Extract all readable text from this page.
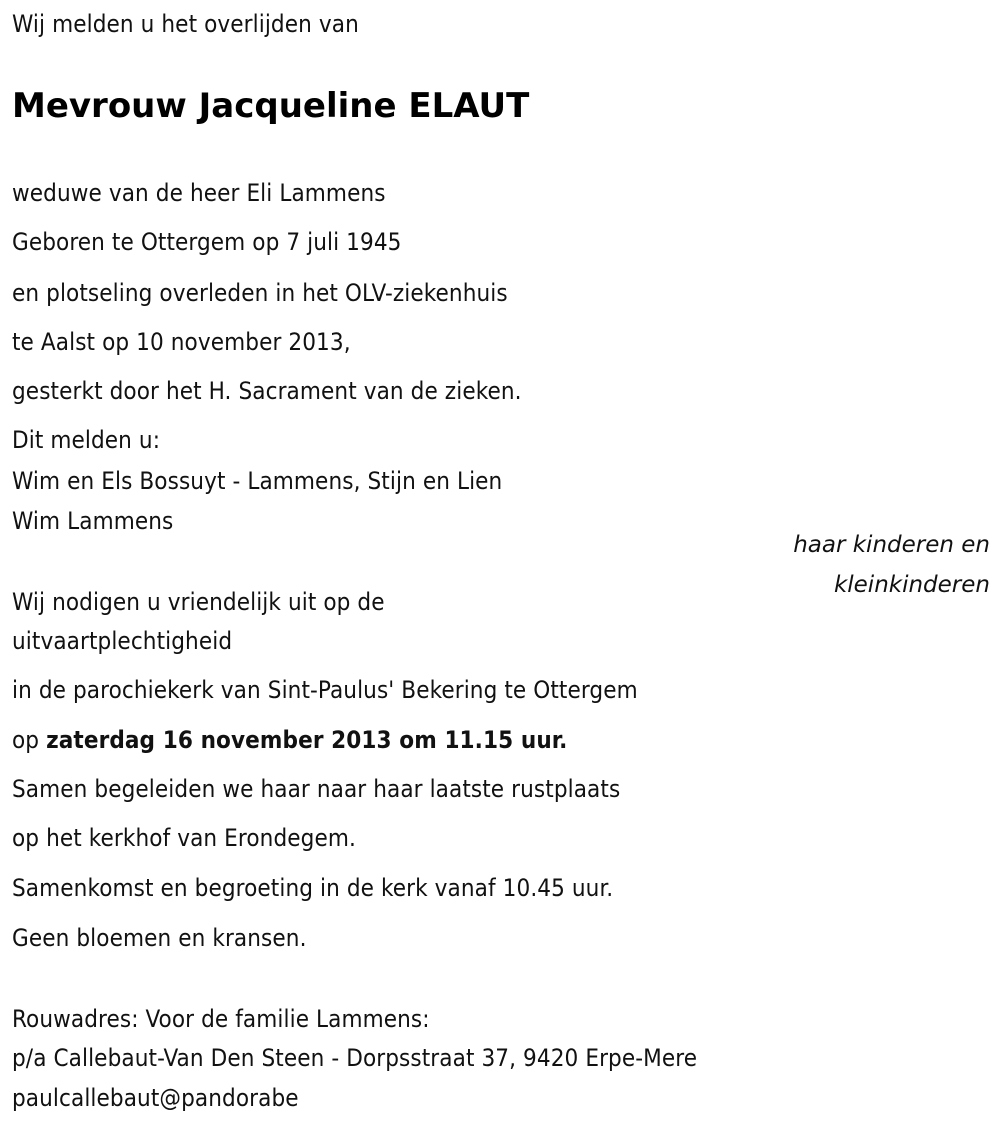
Wij melden u het overlijden van
Mevrouw Jacqueline ELAUT
weduwe van de heer Eli Lammens
Geboren te Ottergem op 7 juli 1945
en plotseling overleden in het OLV-ziekenhuis
te Aalst op 10 november 2013,
gesterkt door het H. Sacrament van de zieken.
Dit melden u:
Wim en Els Bossuyt - Lammens, Stijn en Lien
Wim Lammens
haar kinderen en
kleinkinderen
Wij nodigen u vriendelijk uit op de
uitvaartplechtigheid
in de parochiekerk van Sint-Paulus' Bekering te Ottergem
op zaterdag 16 november 2013 om 11.15 uur.
Samen begeleiden we haar naar haar laatste rustplaats
op het kerkhof van Erondegem.
Samenkomst en begroeting in de kerk vanaf 10.45 uur.
Geen bloemen en kransen.
Rouwadres: Voor de familie Lammens:
p/a Callebaut-Van Den Steen - Dorpsstraat 37, 9420 Erpe-Mere
paulcallebaut@pandorabe
